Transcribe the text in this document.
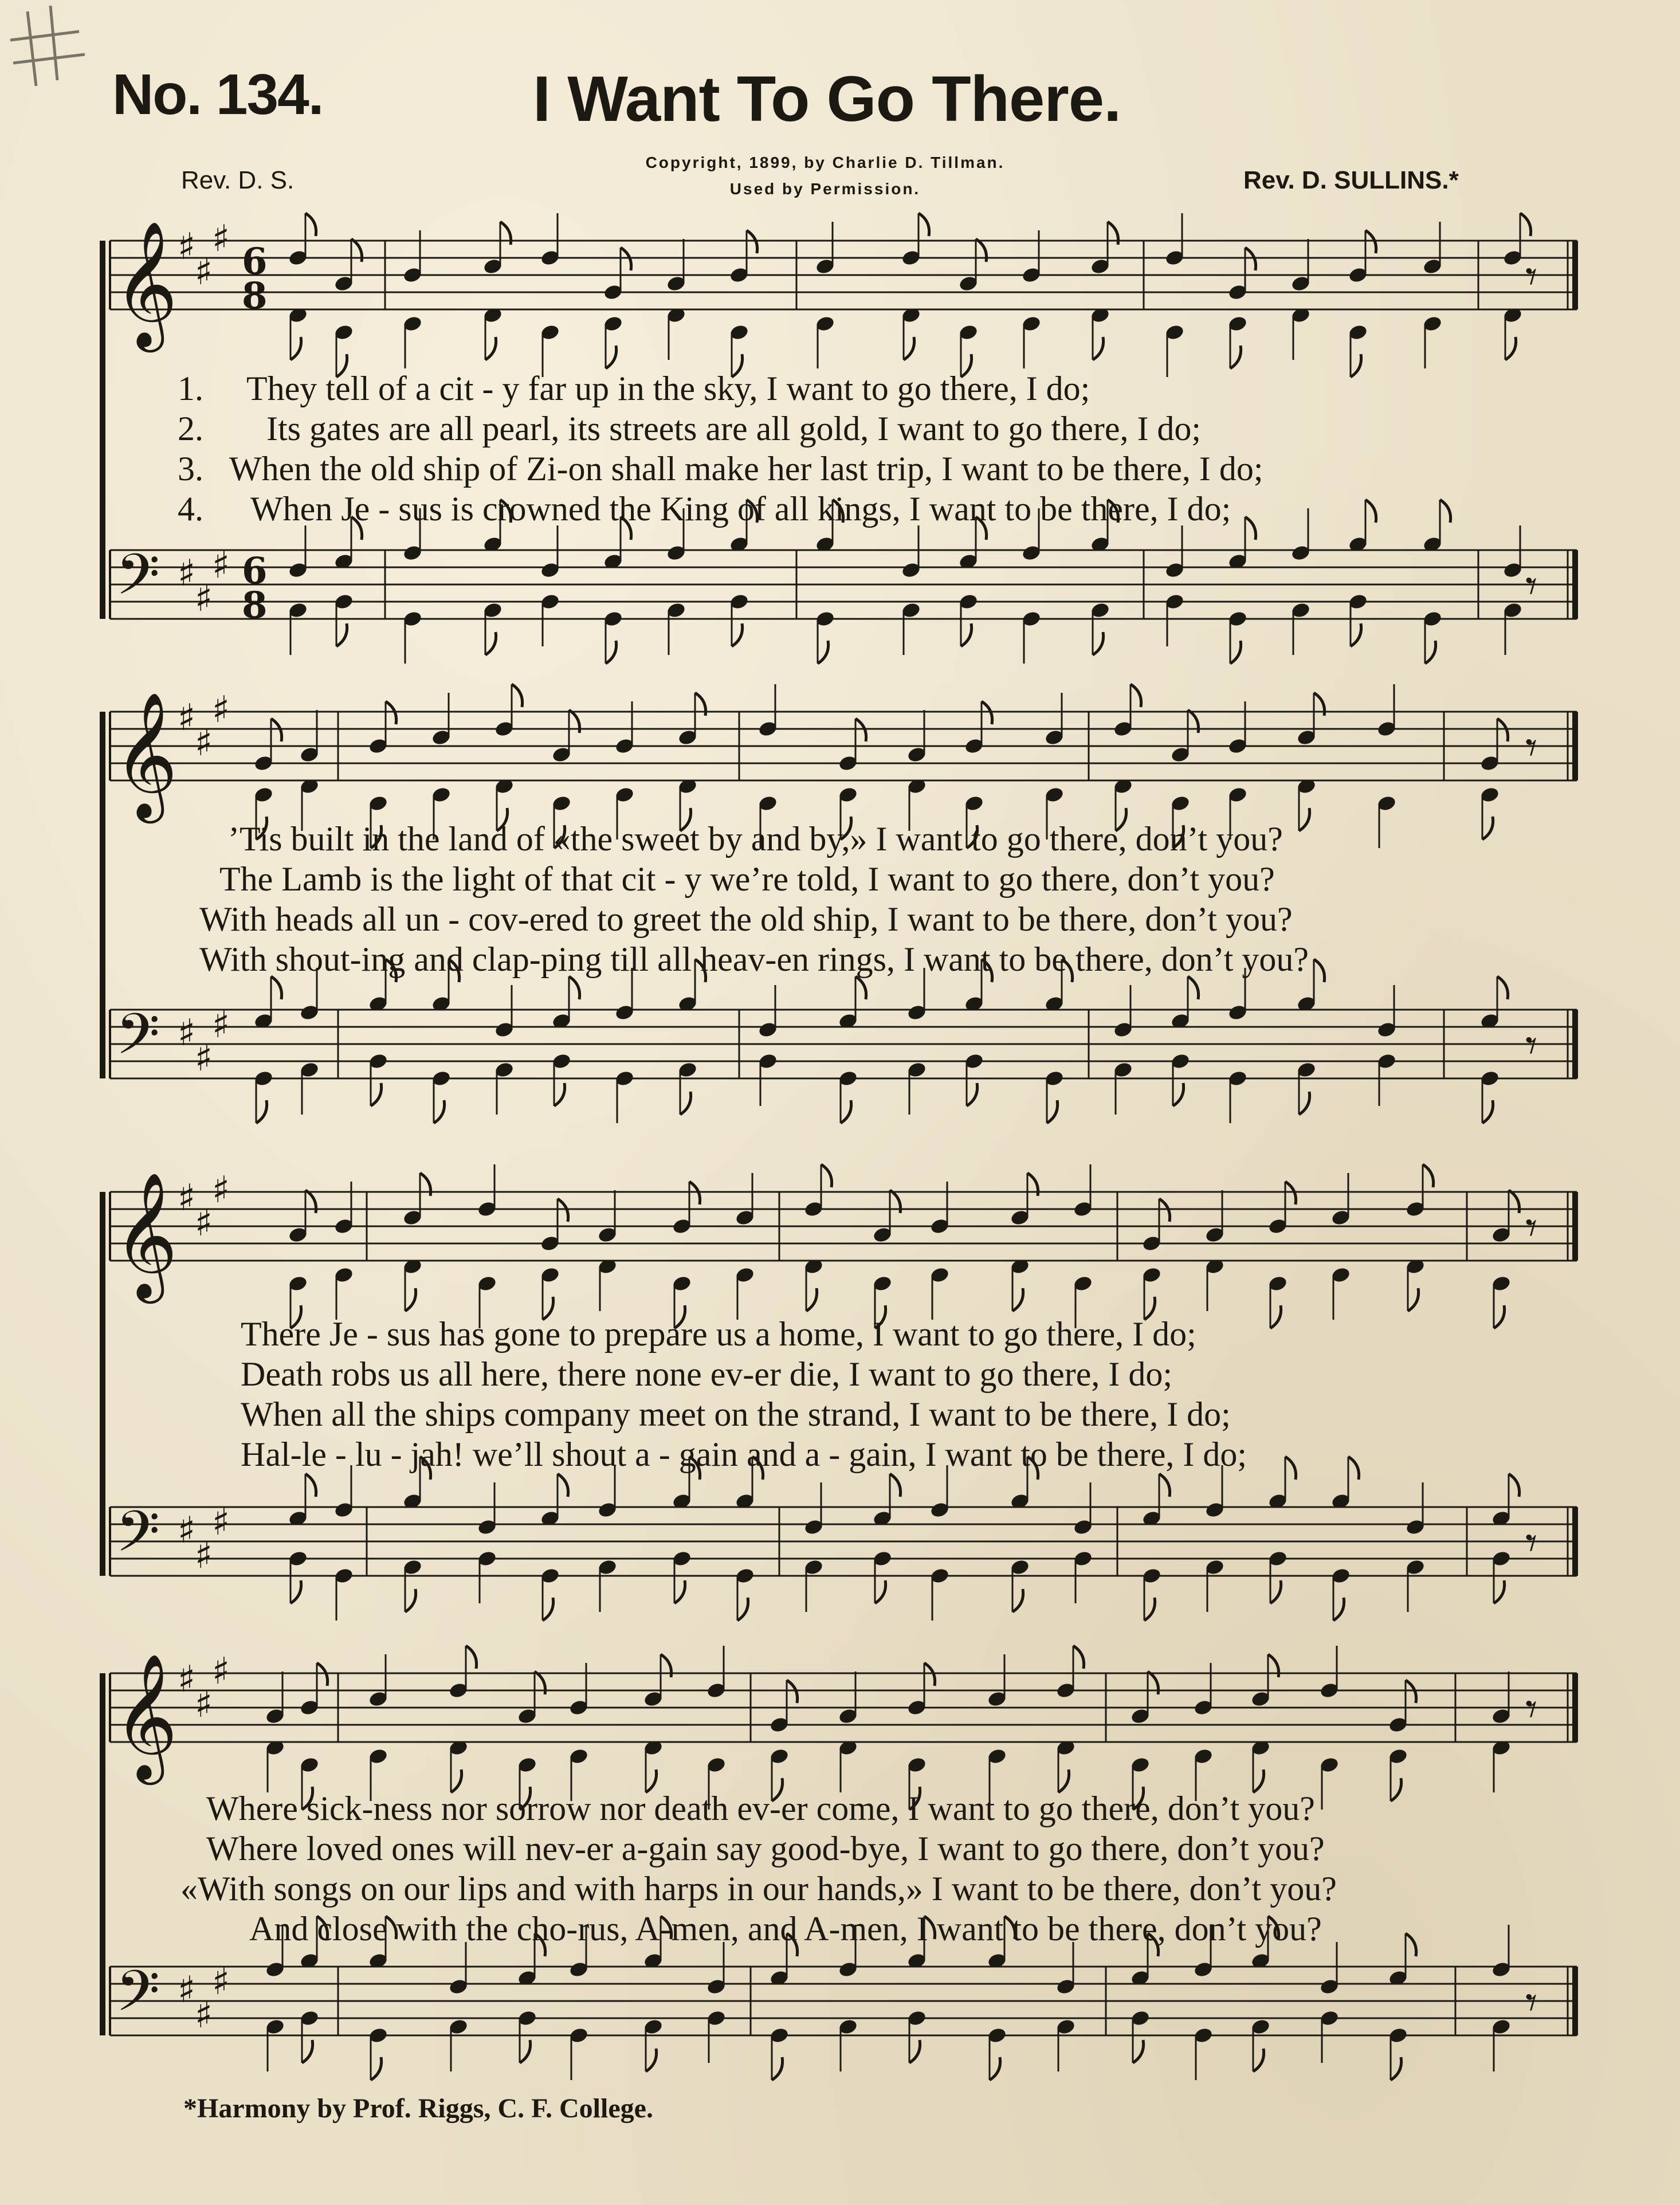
No. 134.	I Want To Go There.
Copyright, 1899, by Charlie D. Tillman.
Used by Permission.
Rev. D. S.	Rev. D. SULLINS.*
𝄞 ♯
♯
♯
6
8	𝄾
𝄢 ♯
♯
♯ 6
8	𝄾
𝄞 ♯
♯
♯
𝄾
𝄢 ♯
♯
♯	𝄾
𝄞 ♯
♯
♯
𝄾
𝄢 ♯
♯
♯	𝄾
𝄞 ♯
♯
♯
𝄾
𝄢 ♯
♯
♯	𝄾
1.
2.
3.
4.
They tell of a cit - y far up in the sky, I want to go there, I do;
Its gates are all pearl, its streets are all gold, I want to go there, I do;
When the old ship of Zi-on shall make her last trip, I want to be there, I do;
When Je - sus is crowned the King of all kings, I want to be there, I do;
’Tis built in the land of «the sweet by and by,» I want to go there, don’t you?
The Lamb is the light of that cit - y we’re told, I want to go there, don’t you?
With heads all un - cov-ered to greet the old ship, I want to be there, don’t you?
With shout-ing and clap-ping till all heav-en rings, I want to be there, don’t you?
There Je - sus has gone to prepare us a home, I want to go there, I do;
Death robs us all here, there none ev-er die, I want to go there, I do;
When all the ships company meet on the strand, I want to be there, I do;
Hal-le - lu - jah! we’ll shout a - gain and a - gain, I want to be there, I do;
Where sick-ness nor sorrow nor death ev-er come, I want to go there, don’t you?
Where loved ones will nev-er a-gain say good-bye, I want to go there, don’t you?
«With songs on our lips and with harps in our hands,» I want to be there, don’t you?
And close with the cho-rus, A-men, and A-men, I want to be there, don’t you?
*Harmony by Prof. Riggs, C. F. College.
